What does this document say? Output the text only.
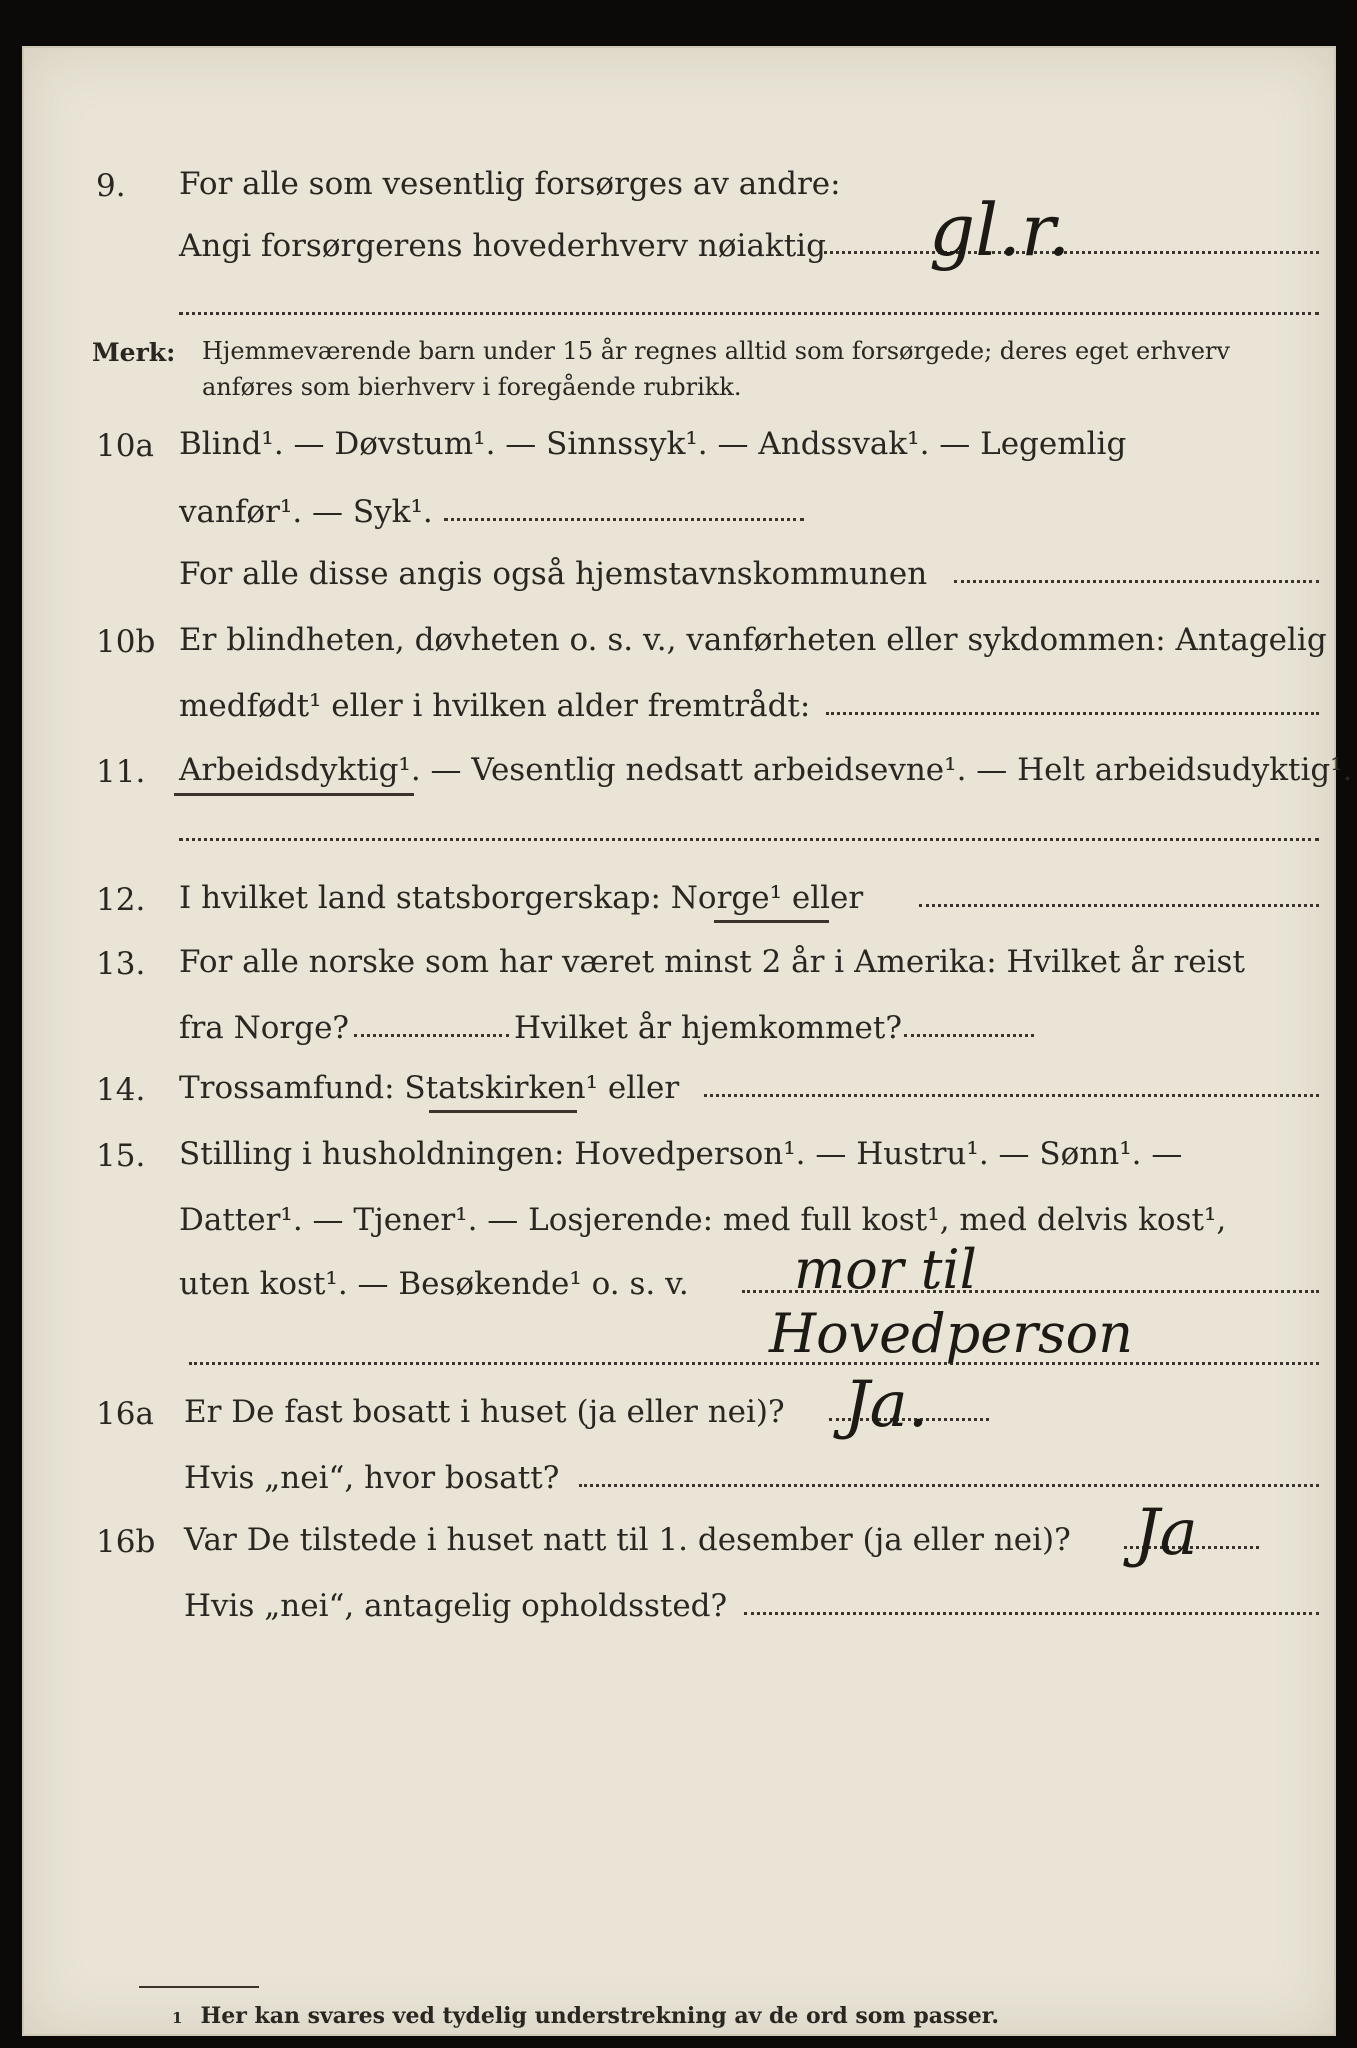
9. For alle som vesentlig forsørges av andre:
Angi forsørgerens hovederhverv nøiaktig gl.r.
Merk: Hjemmeværende barn under 15 år regnes alltid som forsørgede; deres eget erhverv
anføres som bierhverv i foregående rubrikk.
10a Blind¹. — Døvstum¹. — Sinnssyk¹. — Andssvak¹. — Legemlig
vanfør¹. — Syk¹.
For alle disse angis også hjemstavnskommunen
10b Er blindheten, døvheten o. s. v., vanførheten eller sykdommen: Antagelig
medfødt¹ eller i hvilken alder fremtrådt:
11. Arbeidsdyktig¹. — Vesentlig nedsatt arbeidsevne¹. — Helt arbeidsudyktig¹.
12. I hvilket land statsborgerskap: Norge¹ eller
13. For alle norske som har været minst 2 år i Amerika: Hvilket år reist
fra Norge?	Hvilket år hjemkommet?
14. Trossamfund: Statskirken¹ eller
15. Stilling i husholdningen: Hovedperson¹. — Hustru¹. — Sønn¹. —
Datter¹. — Tjener¹. — Losjerende: med full kost¹, med delvis kost¹,
uten kost¹. — Besøkende¹ o. s. v. mor til
Hovedperson
16a Er De fast bosatt i huset (ja eller nei)? Ja.
Hvis „nei“, hvor bosatt?
16b Var De tilstede i huset natt til 1. desember (ja eller nei)? Ja
Hvis „nei“, antagelig opholdssted?
1 Her kan svares ved tydelig understrekning av de ord som passer.
